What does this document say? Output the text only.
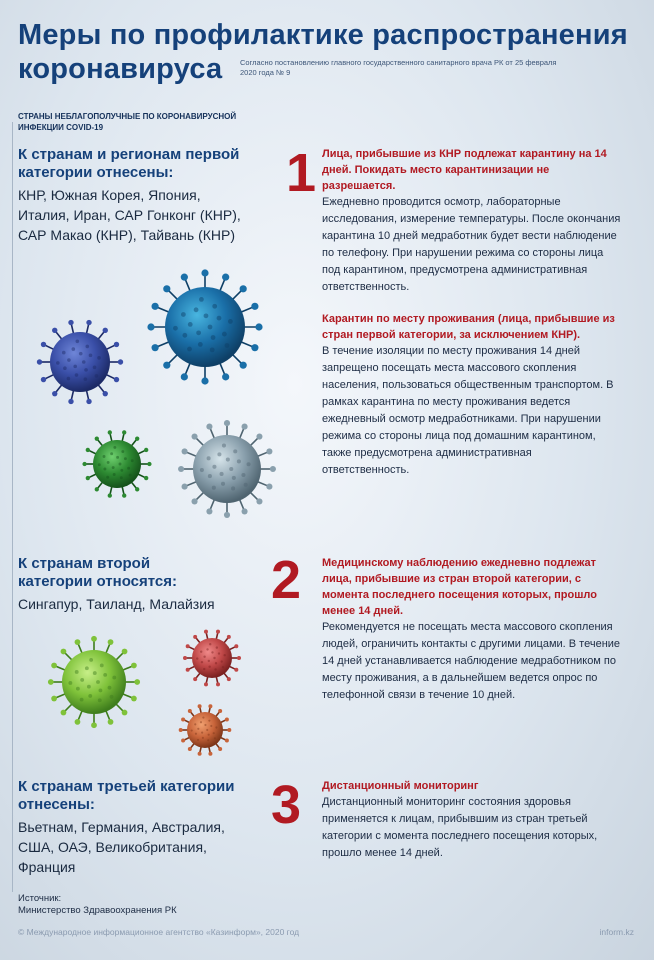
Меры по профилактике распространения
коронавируса	Согласно постановлению главного государственного санитарного врача РК от 25 февраля 2020 года № 9
СТРАНЫ НЕБЛАГОПОЛУЧНЫЕ ПО КОРОНАВИРУСНОЙ ИНФЕКЦИИ COVID-19
К странам и регионам первой категории отнесены:
КНР, Южная Корея, Япония, Италия, Иран, САР Гонконг (КНР), САР Макао (КНР), Тайвань (КНР)
К странам второй категории относятся:
Сингапур, Таиланд, Малайзия
К странам третьей категории отнесены:
Вьетнам, Германия, Австралия, США, ОАЭ, Великобритания, Франция
1 Лица, прибывшие из КНР подлежат карантину на 14 дней. Покидать место карантинизации не разрешается.
Ежедневно проводится осмотр, лабораторные исследования, измерение температуры. После окончания карантина 10 дней медработник будет вести наблюдение по телефону. При нарушении режима со стороны лица под карантином, предусмотрена административная ответственность.
Карантин по месту проживания (лица, прибывшие из стран первой категории, за исключением КНР).
В течение изоляции по месту проживания 14 дней запрещено посещать места массового скопления населения, пользоваться общественным транспортом. В рамках карантина по месту проживания ведется ежедневный осмотр медработниками. При нарушении режима со стороны лица под домашним карантином, также предусмотрена административная ответственность.
2 Медицинскому наблюдению ежедневно подлежат лица, прибывшие из стран второй категории, с момента последнего посещения которых, прошло менее 14 дней.
Рекомендуется не посещать места массового скопления людей, ограничить контакты с другими лицами. В течение 14 дней устанавливается наблюдение медработником по месту проживания, а в дальнейшем ведется опрос по телефонной связи в течение 10 дней.
3 Дистанционный мониторинг
Дистанционный мониторинг состояния здоровья применяется к лицам, прибывшим из стран третьей категории с момента последнего посещения которых, прошло менее 14 дней.
Источник:
Министерство Здравоохранения РК
© Международное информационное агентство «Казинформ», 2020 год	inform.kz
